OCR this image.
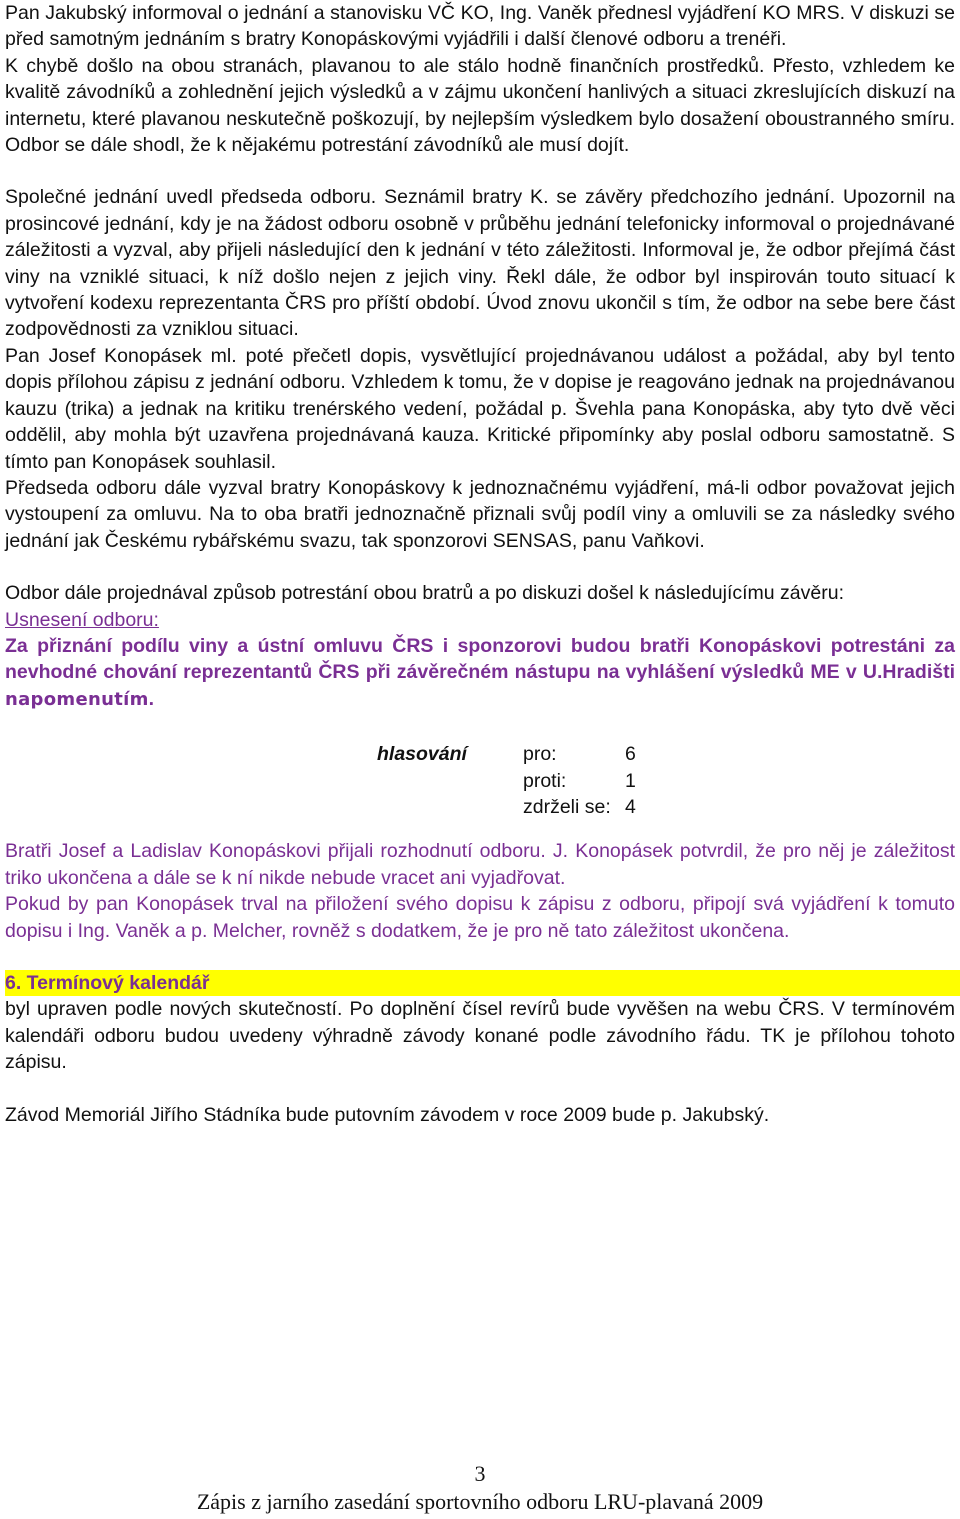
Pan Jakubský informoval o jednání a stanovisku VČ KO, Ing. Vaněk přednesl vyjádření KO MRS. V diskuzi se před samotným jednáním s bratry Konopáskovými vyjádřili i další členové odboru a trenéři.

K chybě došlo na obou stranách, plavanou to ale stálo hodně finančních prostředků. Přesto, vzhledem ke kvalitě závodníků a zohlednění jejich výsledků a v zájmu ukončení hanlivých a situaci zkreslujících diskuzí na internetu, které plavanou neskutečně poškozují, by nejlepším výsledkem bylo dosažení oboustranného smíru. Odbor se dále shodl, že k nějakému potrestání závodníků ale musí dojít.

Společné jednání uvedl předseda odboru. Seznámil bratry K. se závěry předchozího jednání. Upozornil na prosincové jednání, kdy je na žádost odboru osobně v průběhu jednání telefonicky informoval o projednávané záležitosti a vyzval, aby přijeli následující den k jednání v této záležitosti. Informoval je, že odbor přejímá část viny na vzniklé situaci, k níž došlo nejen z jejich viny. Řekl dále, že odbor byl inspirován touto situací k vytvoření kodexu reprezentanta ČRS pro příští období. Úvod znovu ukončil s tím, že odbor na sebe bere část zodpovědnosti za vzniklou situaci.

Pan Josef Konopásek ml. poté přečetl dopis, vysvětlující projednávanou událost a požádal, aby byl tento dopis přílohou zápisu z jednání odboru. Vzhledem k tomu, že v dopise je reagováno jednak na projednávanou kauzu (trika) a jednak na kritiku trenérského vedení, požádal p. Švehla pana Konopáska, aby tyto dvě věci oddělil, aby mohla být uzavřena projednávaná kauza. Kritické připomínky aby poslal odboru samostatně. S tímto pan Konopásek souhlasil.

Předseda odboru dále vyzval bratry Konopáskovy k jednoznačnému vyjádření, má-li odbor považovat jejich vystoupení za omluvu. Na to oba bratři jednoznačně přiznali svůj podíl viny a omluvili se za následky svého jednání jak Českému rybářskému svazu, tak sponzorovi SENSAS, panu Vaňkovi.

Odbor dále projednával způsob potrestání obou bratrů a po diskuzi došel k následujícímu závěru:

Usnesení odboru:

Za přiznání podílu viny a ústní omluvu ČRS i sponzorovi budou bratři Konopáskovi potrestáni za nevhodné chování reprezentantů ČRS při závěrečném nástupu na vyhlášení výsledků ME v U.Hradišti napomenutím.

hlasování	pro:	6
proti:	1
zdrželi se: 4

Bratři Josef a Ladislav Konopáskovi přijali rozhodnutí odboru. J. Konopásek potvrdil, že pro něj je záležitost triko ukončena a dále se k ní nikde nebude vracet ani vyjadřovat.

Pokud by pan Konopásek trval na přiložení svého dopisu k zápisu z odboru, připojí svá vyjádření k tomuto dopisu i Ing. Vaněk a p. Melcher, rovněž s dodatkem, že je pro ně tato záležitost ukončena.

6. Termínový kalendář

byl upraven podle nových skutečností. Po doplnění čísel revírů bude vyvěšen na webu ČRS. V termínovém kalendáři odboru budou uvedeny výhradně závody konané podle závodního řádu. TK je přílohou tohoto zápisu.

Závod Memoriál Jiřího Stádníka bude putovním závodem v roce 2009 bude p. Jakubský.

3
Zápis z jarního zasedání sportovního odboru LRU-plavaná 2009
